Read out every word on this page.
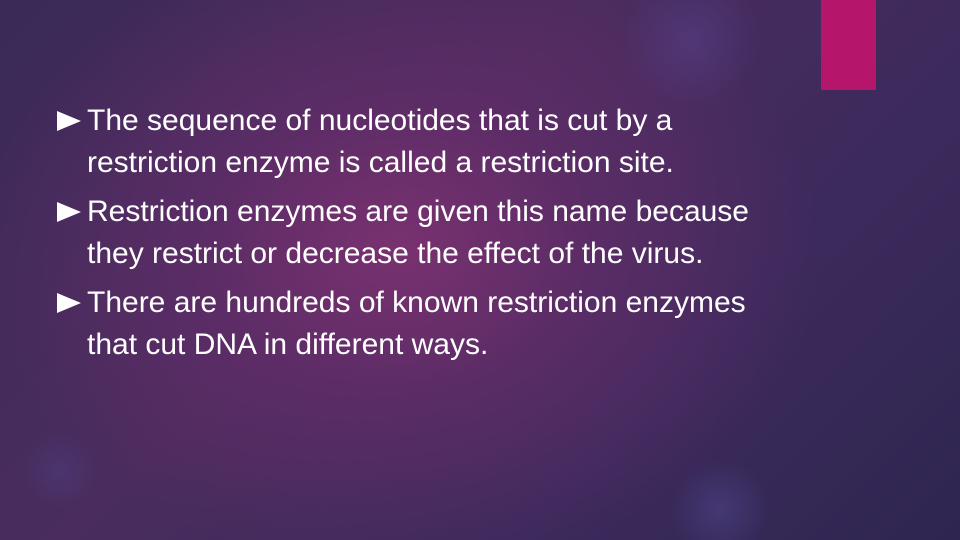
The sequence of nucleotides that is cut by a restriction enzyme is called a restriction site.
Restriction enzymes are given this name because they restrict or decrease the effect of the virus.
There are hundreds of known restriction enzymes that cut DNA in different ways.
